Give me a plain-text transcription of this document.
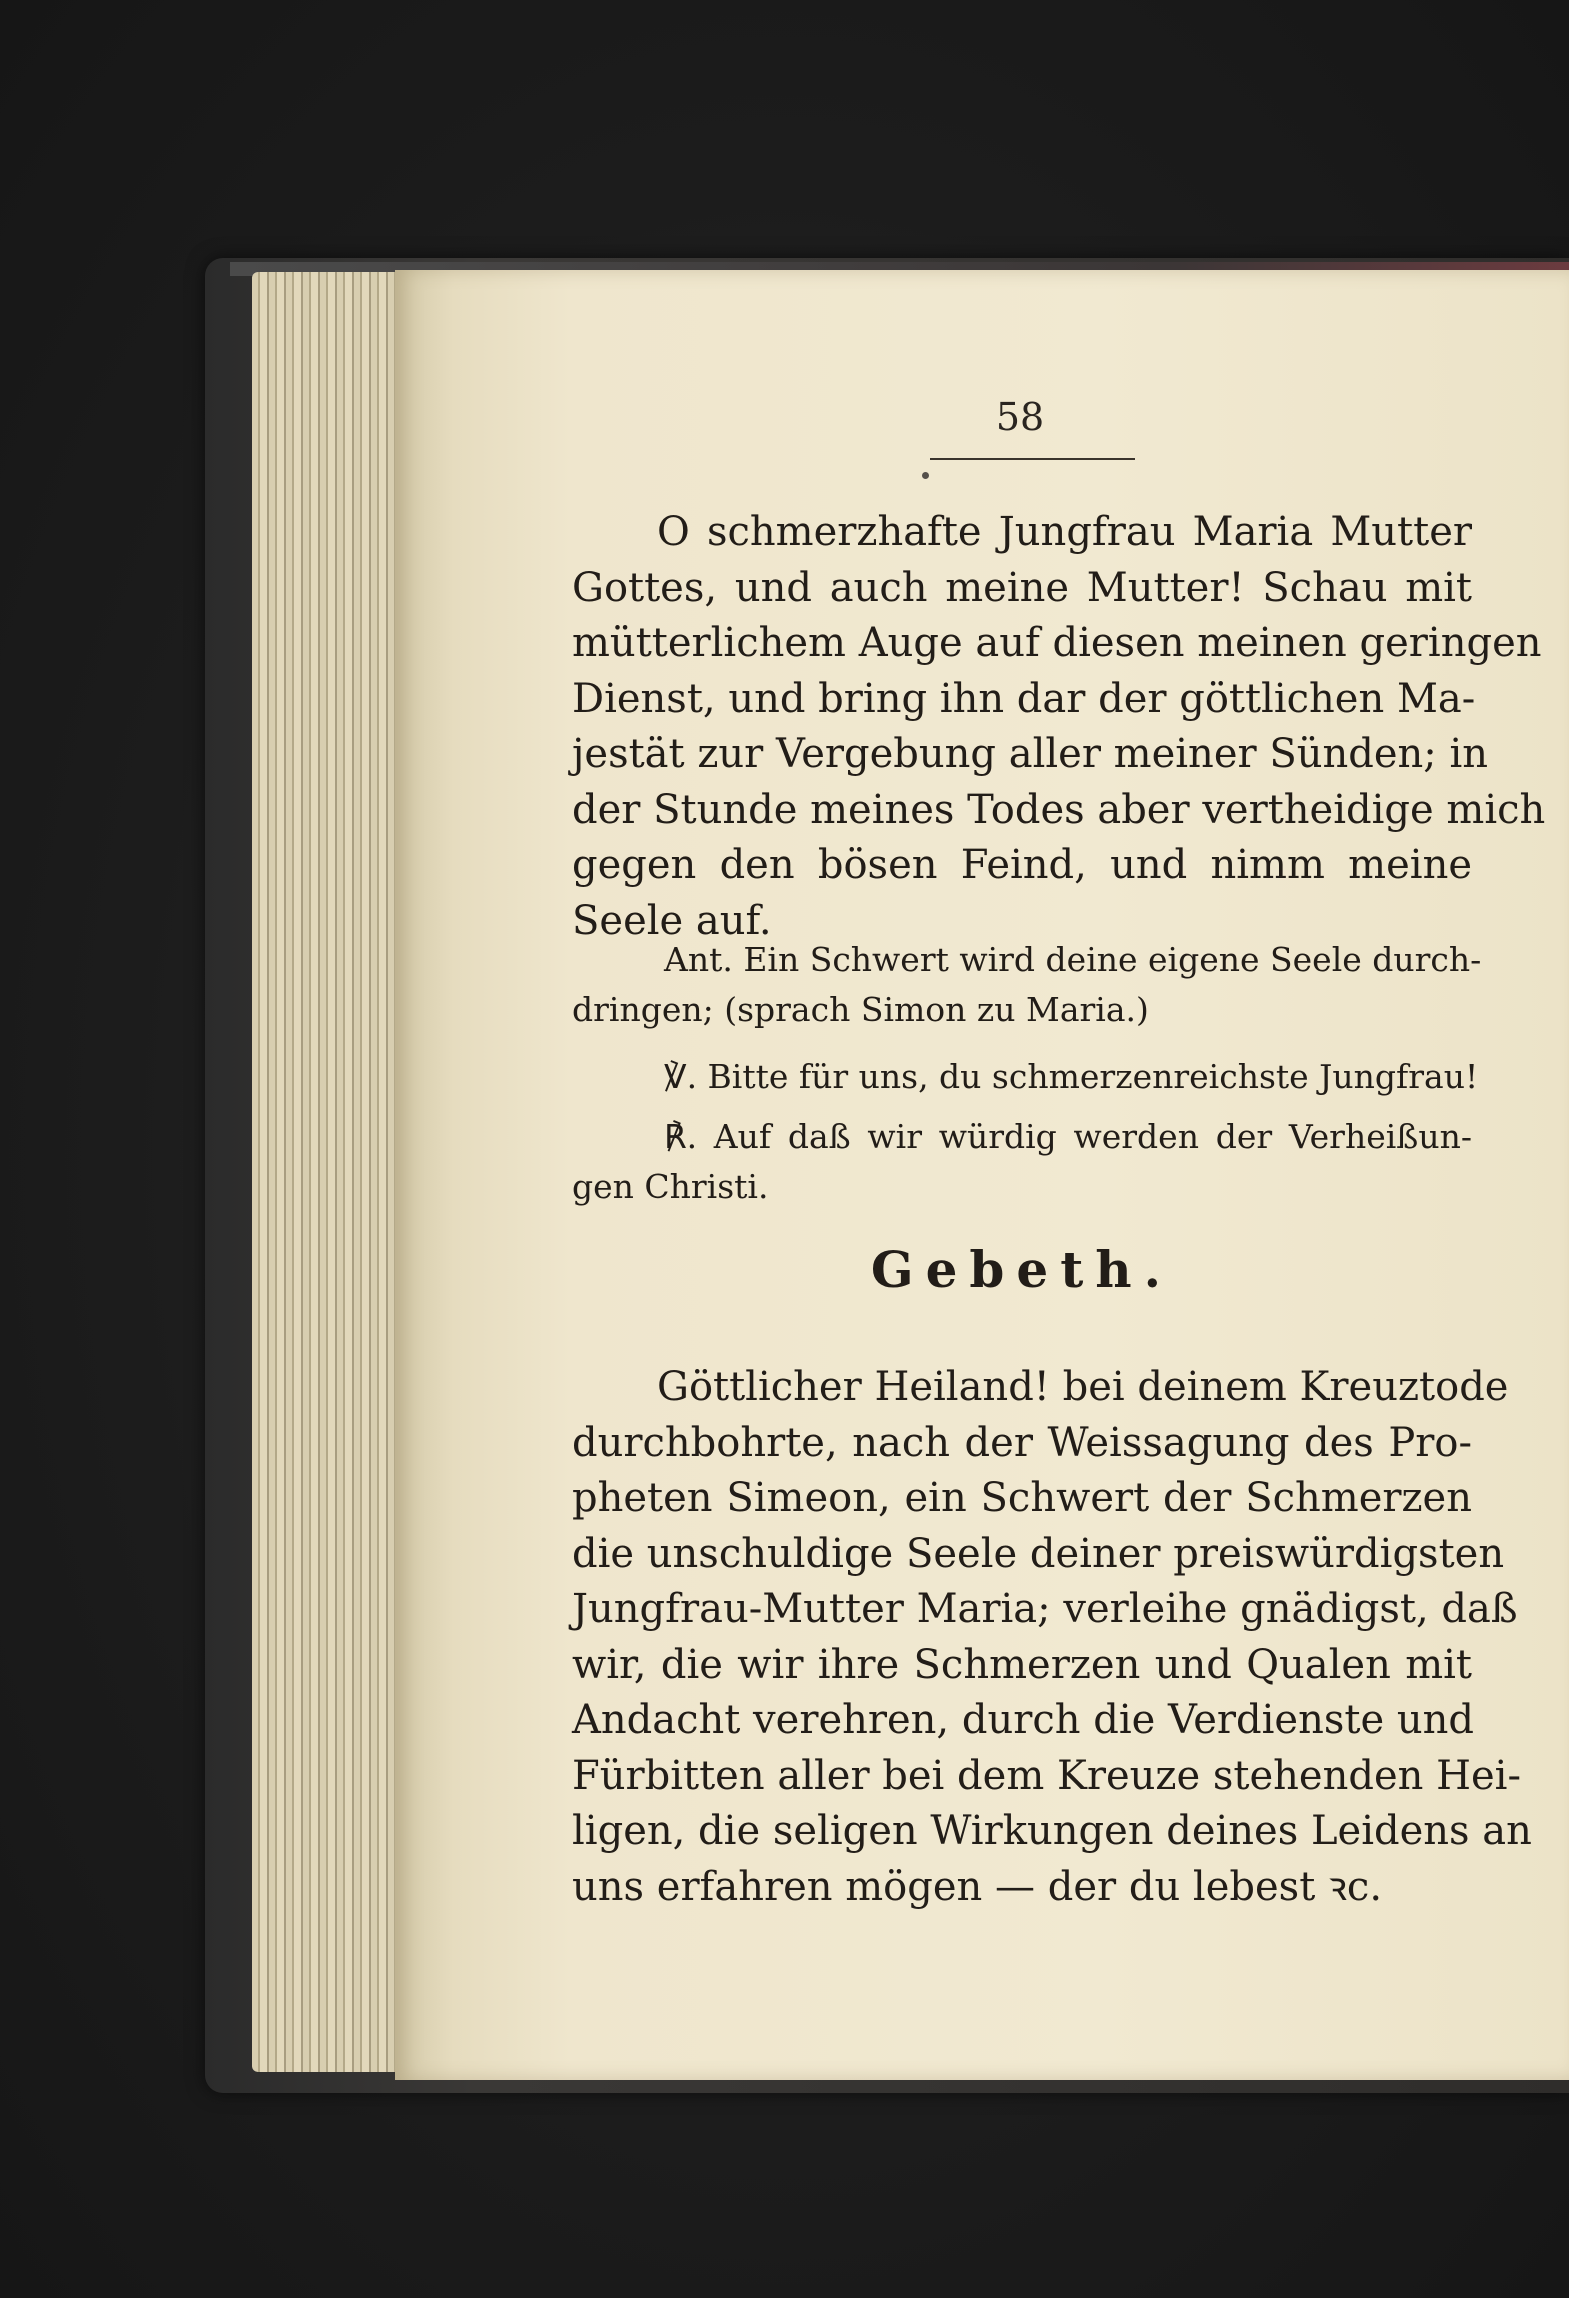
58
O schmerzhafte Jungfrau Maria Mutter
Gottes, und auch meine Mutter! Schau mit
mütterlichem Auge auf diesen meinen geringen
Dienst, und bring ihn dar der göttlichen Ma-
jestät zur Vergebung aller meiner Sünden; in
der Stunde meines Todes aber vertheidige mich
gegen den bösen Feind, und nimm meine
Seele auf.
Ant. Ein Schwert wird deine eigene Seele durch-
dringen; (sprach Simon zu Maria.)
℣. Bitte für uns, du schmerzenreichste Jungfrau!
℟. Auf daß wir würdig werden der Verheißun-
gen Christi.
Gebeth.
Göttlicher Heiland! bei deinem Kreuztode
durchbohrte, nach der Weissagung des Pro-
pheten Simeon, ein Schwert der Schmerzen
die unschuldige Seele deiner preiswürdigsten
Jungfrau-Mutter Maria; verleihe gnädigst, daß
wir, die wir ihre Schmerzen und Qualen mit
Andacht verehren, durch die Verdienste und
Fürbitten aller bei dem Kreuze stehenden Hei-
ligen, die seligen Wirkungen deines Leidens an
uns erfahren mögen — der du lebest ꝛc.
